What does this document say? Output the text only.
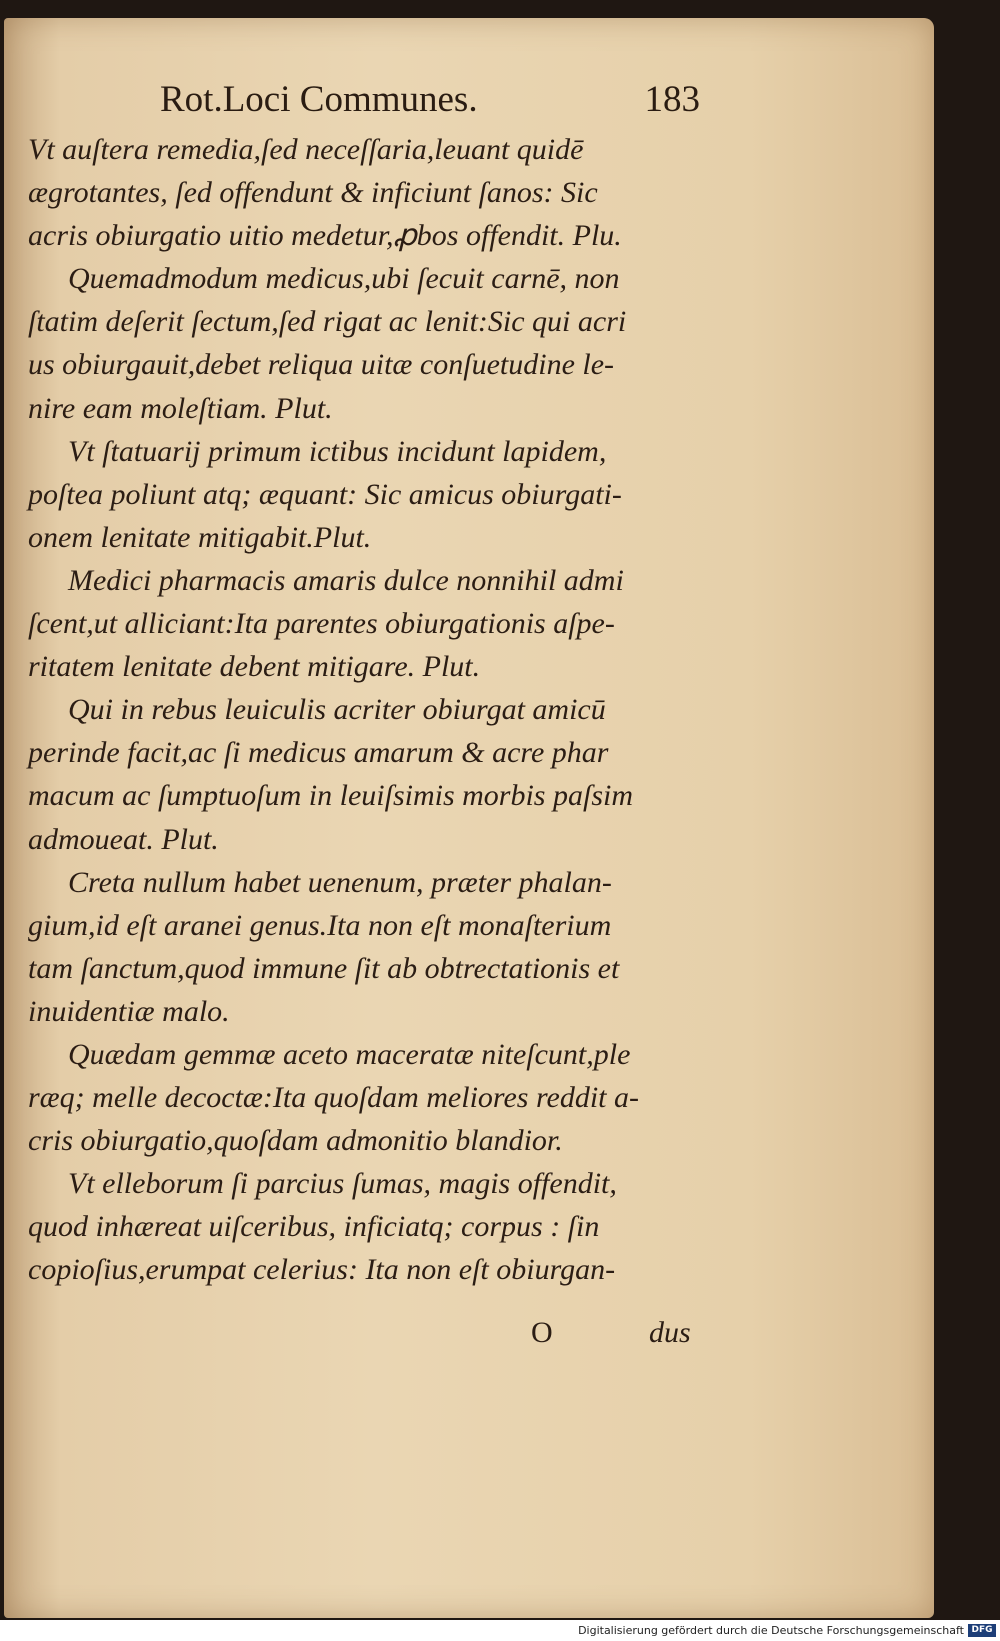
Rot.Loci Communes.	183
Vt auſtera remedia,ſed neceſſaria,leuant quidē
ægrotantes, ſed offendunt & inficiunt ſanos: Sic
acris obiurgatio uitio medetur,ꝓbos offendit. Plu.
Quemadmodum medicus,ubi ſecuit carnē, non
ſtatim deſerit ſectum,ſed rigat ac lenit:Sic qui acri
us obiurgauit,debet reliqua uitæ conſuetudine le-
nire eam moleſtiam. Plut.
Vt ſtatuarij primum ictibus incidunt lapidem,
poſtea poliunt atq; æquant: Sic amicus obiurgati-
onem lenitate mitigabit.Plut.
Medici pharmacis amaris dulce nonnihil admi
ſcent,ut alliciant:Ita parentes obiurgationis aſpe-
ritatem lenitate debent mitigare. Plut.
Qui in rebus leuiculis acriter obiurgat amicū
perinde facit,ac ſi medicus amarum & acre phar
macum ac ſumptuoſum in leuiſsimis morbis paſsim
admoueat. Plut.
Creta nullum habet uenenum, præter phalan-
gium,id eſt aranei genus.Ita non eſt monaſterium
tam ſanctum,quod immune ſit ab obtrectationis et
inuidentiæ malo.
Quædam gemmæ aceto maceratæ niteſcunt,ple
ræq; melle decoctæ:Ita quoſdam meliores reddit a-
cris obiurgatio,quoſdam admonitio blandior.
Vt elleborum ſi parcius ſumas, magis offendit,
quod inhæreat uiſceribus, inficiatq; corpus : ſin
copioſius,erumpat celerius: Ita non eſt obiurgan-
O	dus
Digitalisierung gefördert durch die Deutsche Forschungsgemeinschaft DFG
